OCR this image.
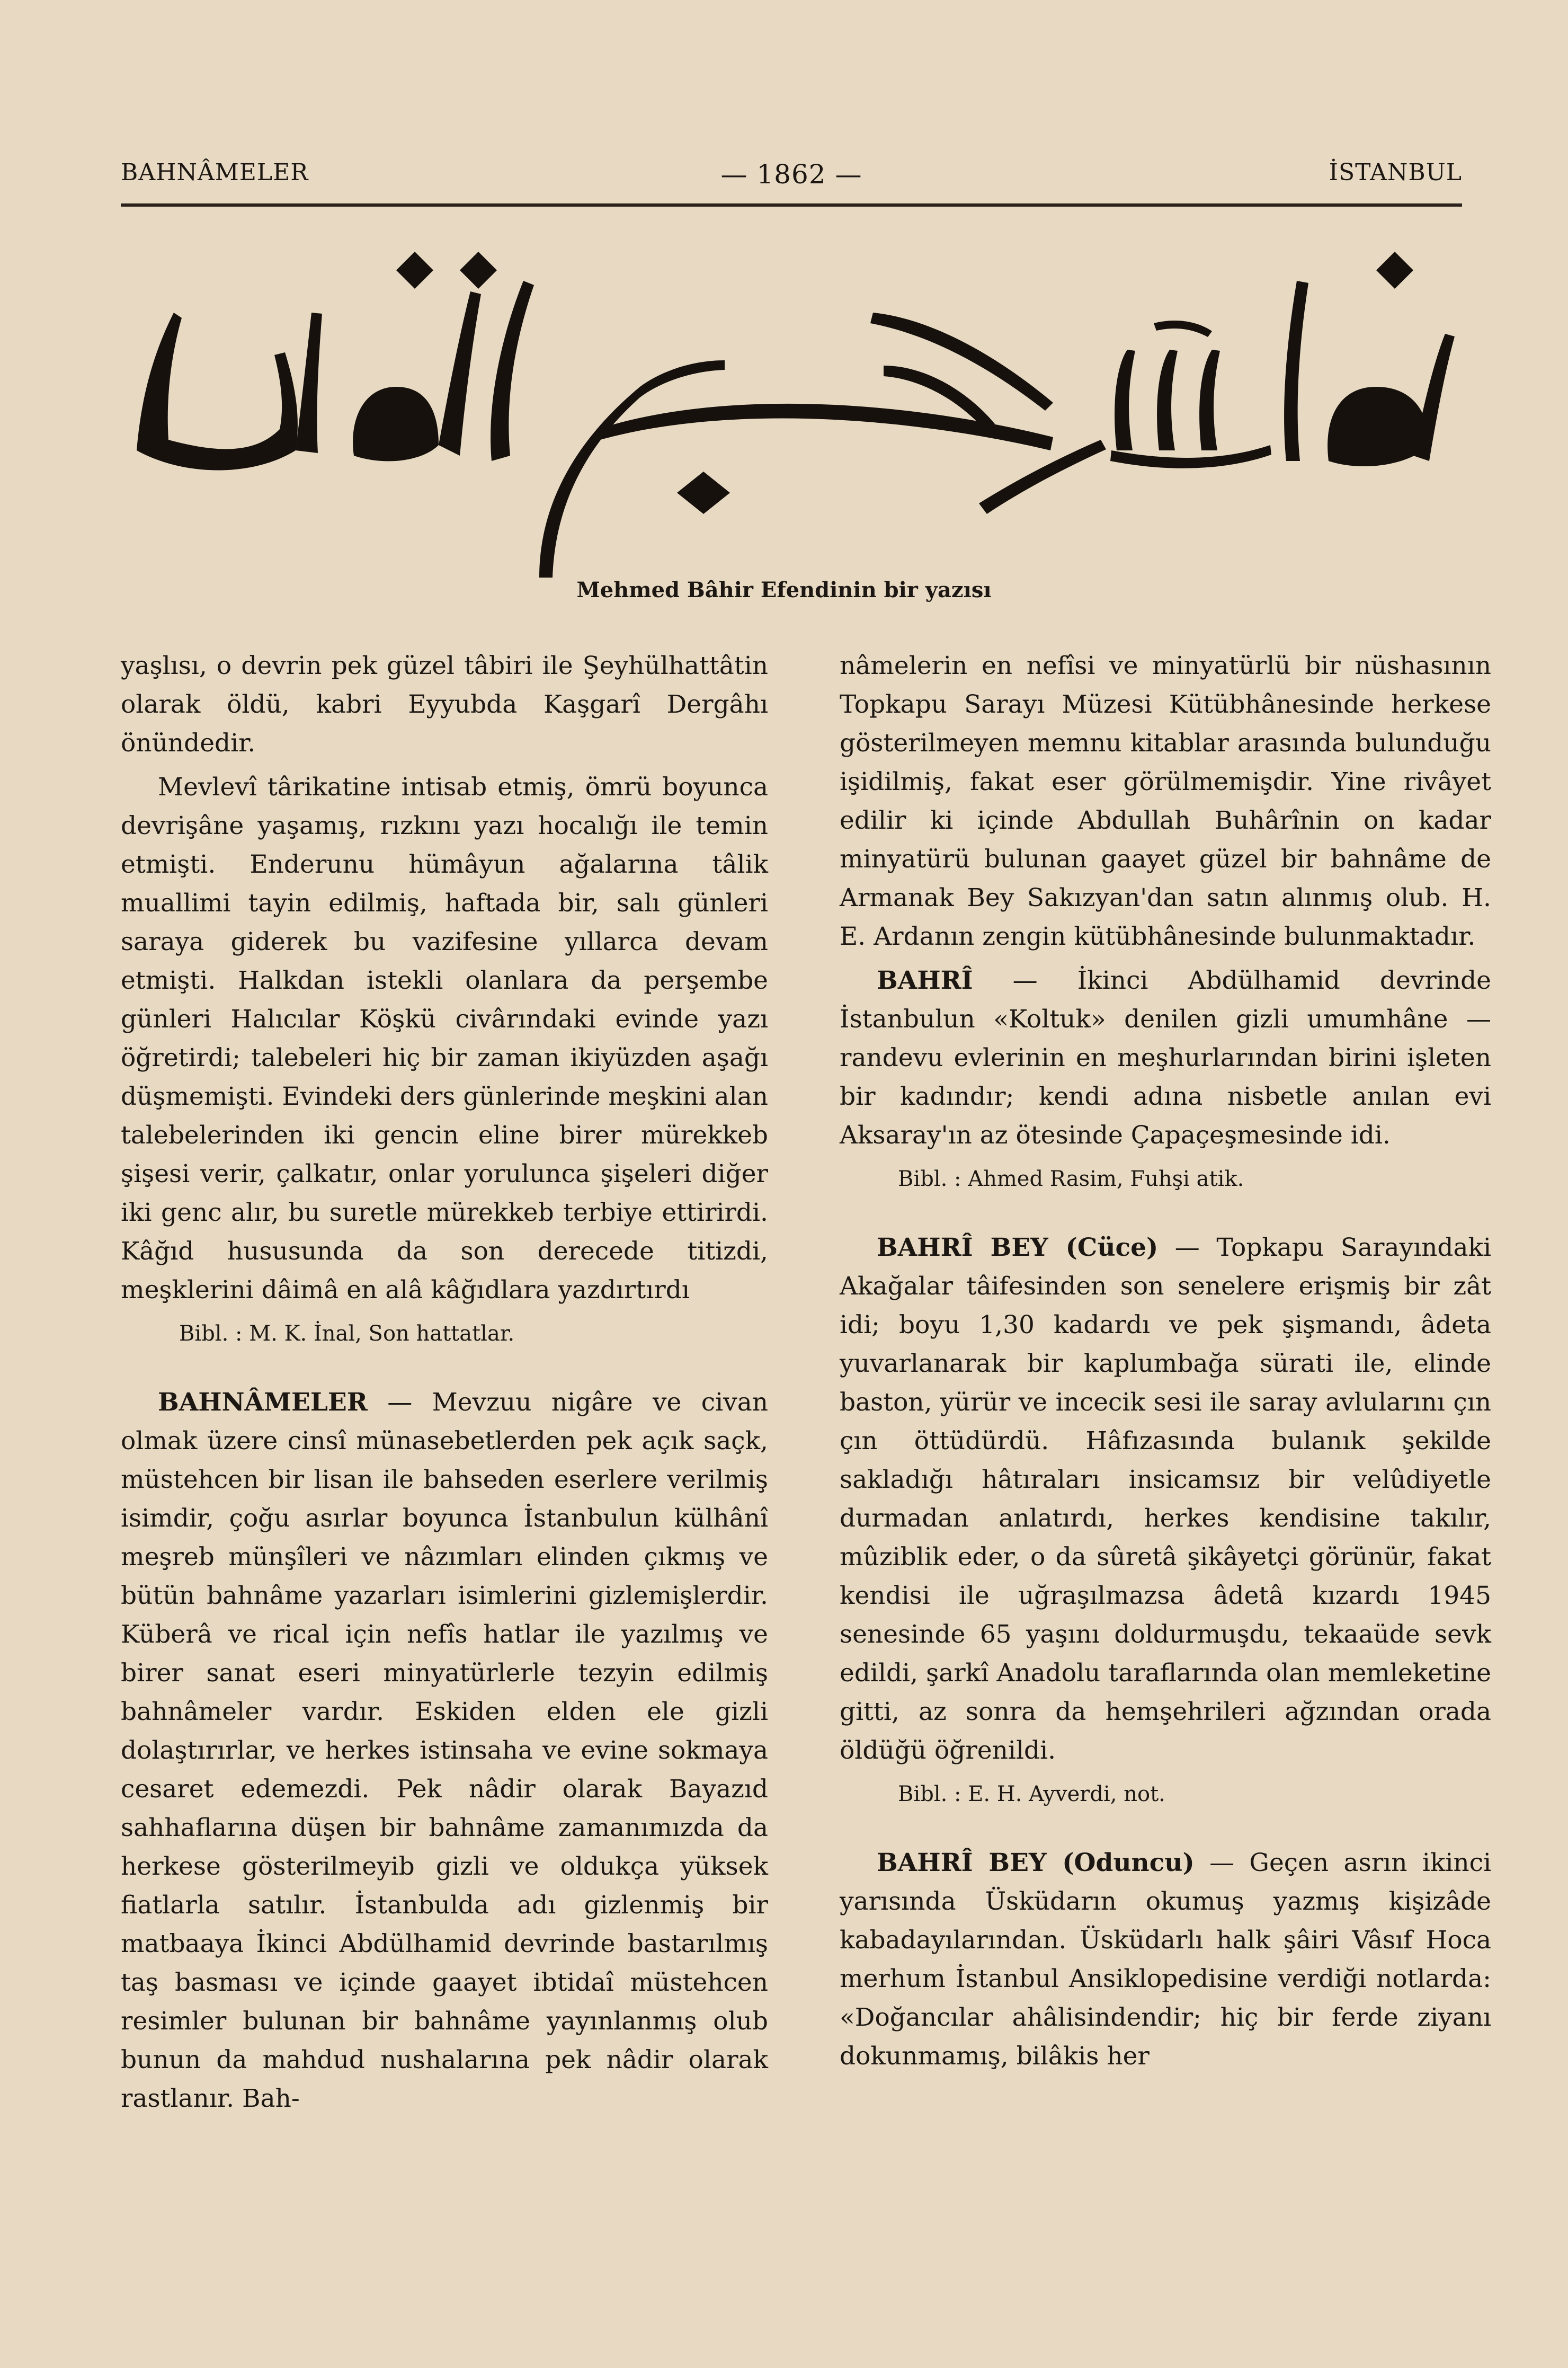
BAHNÂMELER	— 1862 —	İSTANBUL
Mehmed Bâhir Efendinin bir yazısı

yaşlısı, o devrin pek güzel tâbiri ile Şeyhülhattâtin olarak öldü, kabri Eyyubda Kaşgarî Dergâhı önündedir.

Mevlevî târikatine intisab etmiş, ömrü boyunca devrişâne yaşamış, rızkını yazı hocalığı ile temin etmişti. Enderunu hümâyun ağalarına tâlik muallimi tayin edilmiş, haftada bir, salı günleri saraya giderek bu vazifesine yıllarca devam etmişti. Halkdan istekli olanlara da perşembe günleri Halıcılar Köşkü civârındaki evinde yazı öğretirdi; talebeleri hiç bir zaman ikiyüzden aşağı düşmemişti. Evindeki ders günlerinde meşkini alan talebelerinden iki gencin eline birer mürekkeb şişesi verir, çalkatır, onlar yorulunca şişeleri diğer iki genc alır, bu suretle mürekkeb terbiye ettirirdi. Kâğıd hususunda da son derecede titizdi, meşklerini dâimâ en alâ kâğıdlara yazdırtırdı

Bibl. : M. K. İnal, Son hattatlar.

BAHNÂMELER — Mevzuu nigâre ve civan olmak üzere cinsî münasebetlerden pek açık saçk, müstehcen bir lisan ile bahseden eserlere verilmiş isimdir, çoğu asırlar boyunca İstanbulun külhânî meşreb münşîleri ve nâzımları elinden çıkmış ve bütün bahnâme yazarları isimlerini gizlemişlerdir. Küberâ ve rical için nefîs hatlar ile yazılmış ve birer sanat eseri minyatürlerle tezyin edilmiş bahnâmeler vardır. Eskiden elden ele gizli dolaştırırlar, ve herkes istinsaha ve evine sokmaya cesaret edemezdi. Pek nâdir olarak Bayazıd sahhaflarına düşen bir bahnâme zamanımızda da herkese gösterilmeyib gizli ve oldukça yüksek fiatlarla satılır. İstanbulda adı gizlenmiş bir matbaaya İkinci Abdülhamid devrinde bastarılmış taş basması ve içinde gaayet ibtidaî müstehcen resimler bulunan bir bahnâme yayınlanmış olub bunun da mahdud nushalarına pek nâdir olarak rastlanır. Bah-

nâmelerin en nefîsi ve minyatürlü bir nüshasının Topkapu Sarayı Müzesi Kütübhânesinde herkese gösterilmeyen memnu kitablar arasında bulunduğu işidilmiş, fakat eser görülmemişdir. Yine rivâyet edilir ki içinde Abdullah Buhârînin on kadar minyatürü bulunan gaayet güzel bir bahnâme de Armanak Bey Sakızyan'dan satın alınmış olub. H. E. Ardanın zengin kütübhânesinde bulunmaktadır.

BAHRÎ — İkinci Abdülhamid devrinde İstanbulun «Koltuk» denilen gizli umumhâne —randevu evlerinin en meşhurlarından birini işleten bir kadındır; kendi adına nisbetle anılan evi Aksaray'ın az ötesinde Çapaçeşmesinde idi.

Bibl. : Ahmed Rasim, Fuhşi atik.

BAHRÎ BEY (Cüce) — Topkapu Sarayındaki Akağalar tâifesinden son senelere erişmiş bir zât idi; boyu 1,30 kadardı ve pek şişmandı, âdeta yuvarlanarak bir kaplumbağa sürati ile, elinde baston, yürür ve incecik sesi ile saray avlularını çın çın öttüdürdü. Hâfızasında bulanık şekilde sakladığı hâtıraları insicamsız bir velûdiyetle durmadan anlatırdı, herkes kendisine takılır, mûziblik eder, o da sûretâ şikâyetçi görünür, fakat kendisi ile uğraşılmazsa âdetâ kızardı 1945 senesinde 65 yaşını doldurmuşdu, tekaaüde sevk edildi, şarkî Anadolu taraflarında olan memleketine gitti, az sonra da hemşehrileri ağzından orada öldüğü öğrenildi.

Bibl. : E. H. Ayverdi, not.

BAHRÎ BEY (Oduncu) — Geçen asrın ikinci yarısında Üsküdarın okumuş yazmış kişizâde kabadayılarından. Üsküdarlı halk şâiri Vâsıf Hoca merhum İstanbul Ansiklopedisine verdiği notlarda: «Doğancılar ahâlisindendir; hiç bir ferde ziyanı dokunmamış, bilâkis her
